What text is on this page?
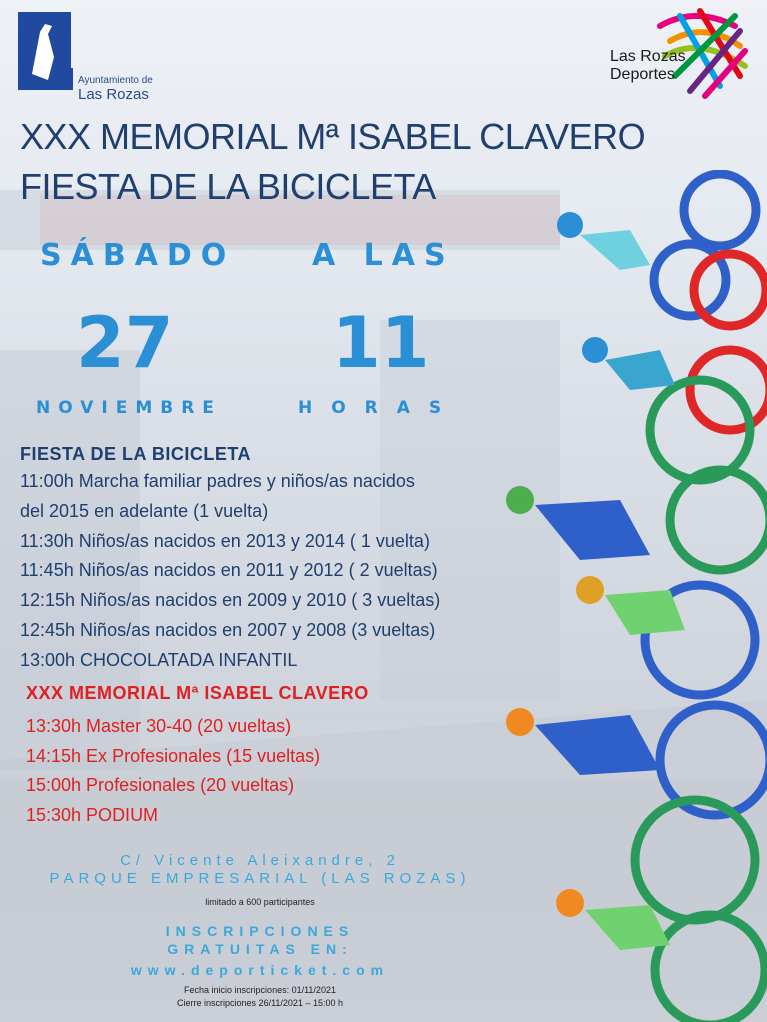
Ayuntamiento de
Las Rozas
Las Rozas
Deportes
XXX MEMORIAL Mª ISABEL CLAVERO
FIESTA DE LA BICICLETA
SÁBADO	A LAS
27 11
NOVIEMBRE	HORAS
FIESTA DE LA BICICLETA
11:00h Marcha familiar padres y niños/as nacidos
del 2015 en adelante (1 vuelta)
11:30h Niños/as nacidos en 2013 y 2014 ( 1 vuelta)
11:45h Niños/as nacidos en 2011 y 2012 ( 2 vueltas)
12:15h Niños/as nacidos en 2009 y 2010 ( 3 vueltas)
12:45h Niños/as nacidos en 2007 y 2008 (3 vueltas)
13:00h CHOCOLATADA INFANTIL
XXX MEMORIAL Mª ISABEL CLAVERO
13:30h Master 30-40 (20 vueltas)
14:15h Ex Profesionales (15 vueltas)
15:00h Profesionales (20 vueltas)
15:30h PODIUM
C/ Vicente Aleixandre, 2
PARQUE EMPRESARIAL (LAS ROZAS)
limitado a 600 participantes
INSCRIPCIONES
GRATUITAS EN:
www.deporticket.com
Fecha inicio inscripciones: 01/11/2021
Cierre inscripciones 26/11/2021 – 15:00 h
